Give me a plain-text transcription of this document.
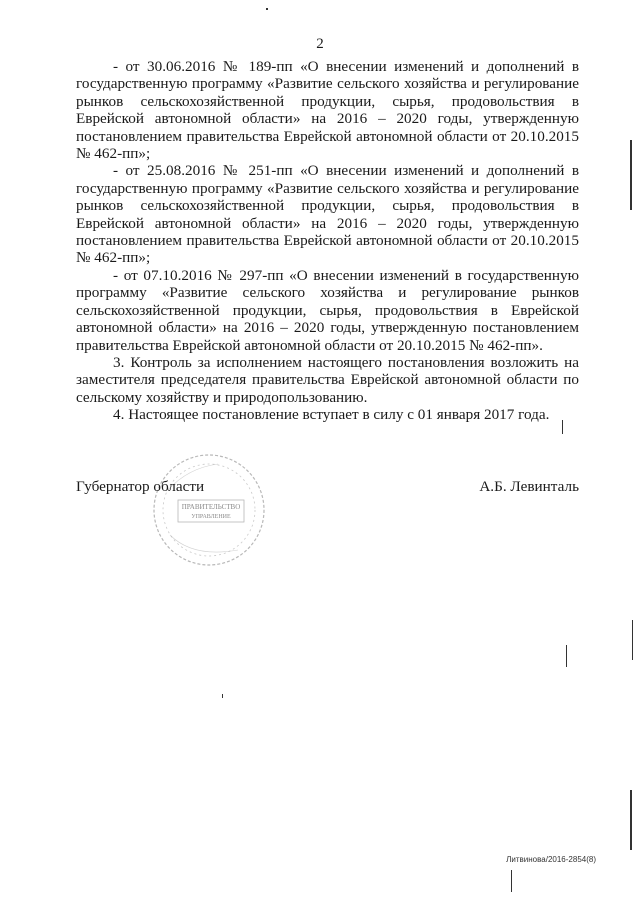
2

- от 30.06.2016 № 189-пп «О внесении изменений и дополнений в государственную программу «Развитие сельского хозяйства и регулирование рынков сельскохозяйственной продукции, сырья, продовольствия в Еврейской автономной области» на 2016 – 2020 годы, утвержденную постановлением правительства Еврейской автономной области от 20.10.2015 № 462-пп»;

- от 25.08.2016 № 251-пп «О внесении изменений и дополнений в государственную программу «Развитие сельского хозяйства и регулирование рынков сельскохозяйственной продукции, сырья, продовольствия в Еврейской автономной области» на 2016 – 2020 годы, утвержденную постановлением правительства Еврейской автономной области от 20.10.2015 № 462-пп»;

- от 07.10.2016 № 297-пп «О внесении изменений в государственную программу «Развитие сельского хозяйства и регулирование рынков сельскохозяйственной продукции, сырья, продовольствия в Еврейской автономной области» на 2016 – 2020 годы, утвержденную постановлением правительства Еврейской автономной области от 20.10.2015 № 462-пп».

3. Контроль за исполнением настоящего постановления возложить на заместителя председателя правительства Еврейской автономной области по сельскому хозяйству и природопользованию.

4. Настоящее постановление вступает в силу с 01 января 2017 года.

ПРАВИТЕЛЬСТВО
УПРАВЛЕНИЕ
Губернатор области	А.Б. Левинталь
Литвинова/2016-2854(8)
